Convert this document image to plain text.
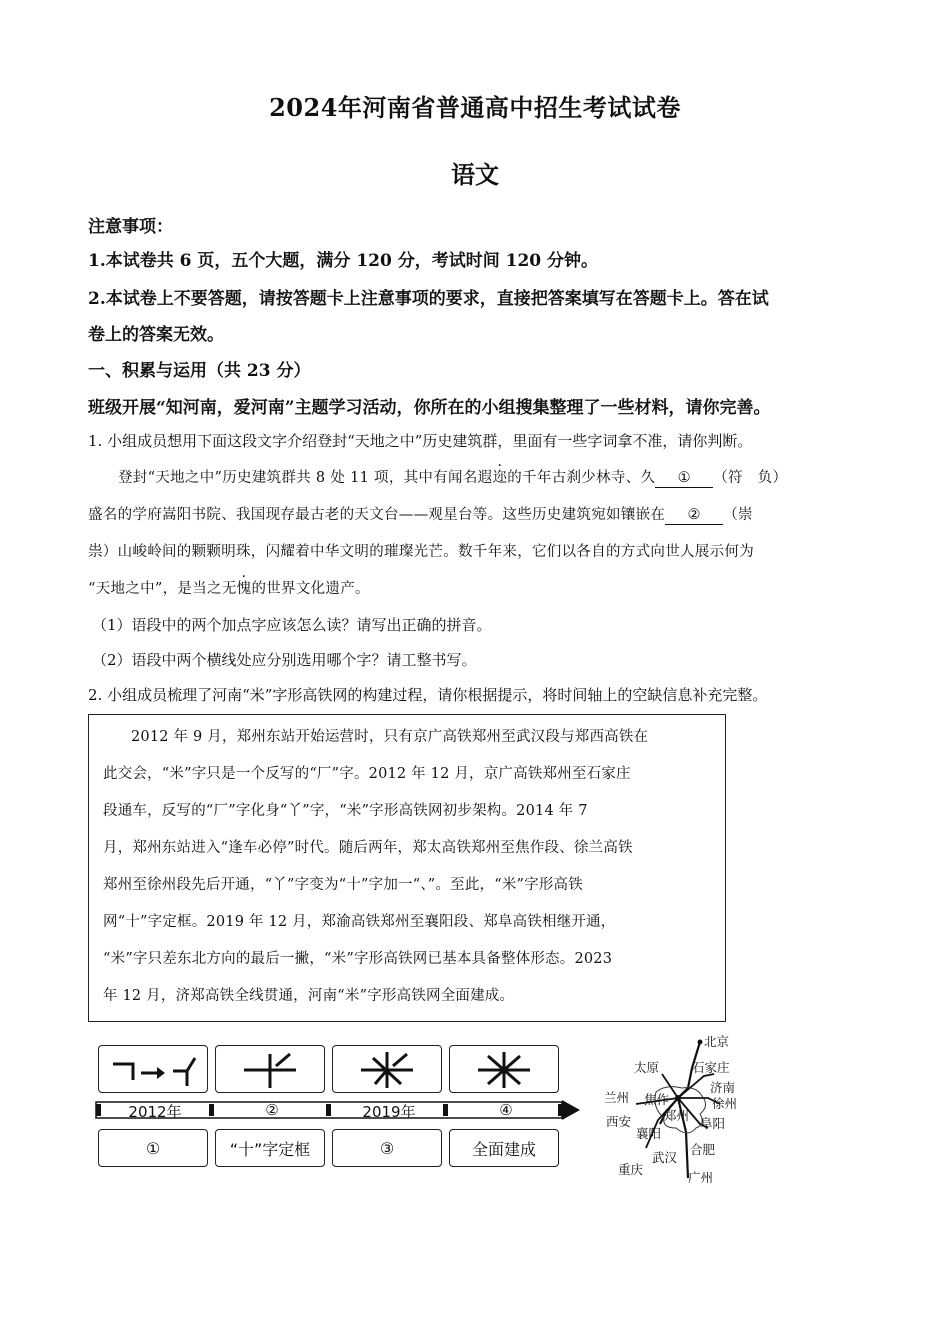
2024年河南省普通高中招生考试试卷
语文
注意事项：
1.本试卷共 6 页，五个大题，满分 120 分，考试时间 120 分钟。
2.本试卷上不要答题，请按答题卡上注意事项的要求，直接把答案填写在答题卡上。答在试
卷上的答案无效。
一、积累与运用（共 23 分）
班级开展“知河南，爱河南”主题学习活动，你所在的小组搜集整理了一些材料，请你完善。
1. 小组成员想用下面这段文字介绍登封“天地之中”历史建筑群，里面有一些字词拿不准，请你判断。
登封“天地之中”历史建筑群共 8 处 11 项，其中有闻名遐迩的千年古刹少林寺、久 ① （符　负）
盛名的学府嵩阳书院、我国现存最古老的天文台——观星台等。这些历史建筑宛如镶嵌在 ② （崇
祟）山峻岭间的颗颗明珠，闪耀着中华文明的璀璨光芒。数千年来，它们以各自的方式向世人展示何为
“天地之中”，是当之无愧的世界文化遗产。
（1）语段中的两个加点字应该怎么读？请写出正确的拼音。
（2）语段中两个横线处应分别选用哪个字？请工整书写。
2. 小组成员梳理了河南“米”字形高铁网的构建过程，请你根据提示，将时间轴上的空缺信息补充完整。
2012 年 9 月，郑州东站开始运营时，只有京广高铁郑州至武汉段与郑西高铁在
此交会，“米”字只是一个反写的“厂”字。2012 年 12 月，京广高铁郑州至石家庄
段通车，反写的“厂”字化身“丫”字，“米”字形高铁网初步架构。2014 年 7
月，郑州东站进入“逢车必停”时代。随后两年，郑太高铁郑州至焦作段、徐兰高铁
郑州至徐州段先后开通，“丫”字变为“十”字加一“、”。至此，“米”字形高铁
网“十”字定框。2019 年 12 月，郑渝高铁郑州至襄阳段、郑阜高铁相继开通，
“米”字只差东北方向的最后一撇，“米”字形高铁网已基本具备整体形态。2023
年 12 月，济郑高铁全线贯通，河南“米”字形高铁网全面建成。
2012年	②	2019年	④
①	“十”字定框	③	全面建成
北京
太原	石家庄
济南
兰州 焦作	徐州
郑州
西安	阜阳
襄阳
合肥
武汉
重庆
广州
